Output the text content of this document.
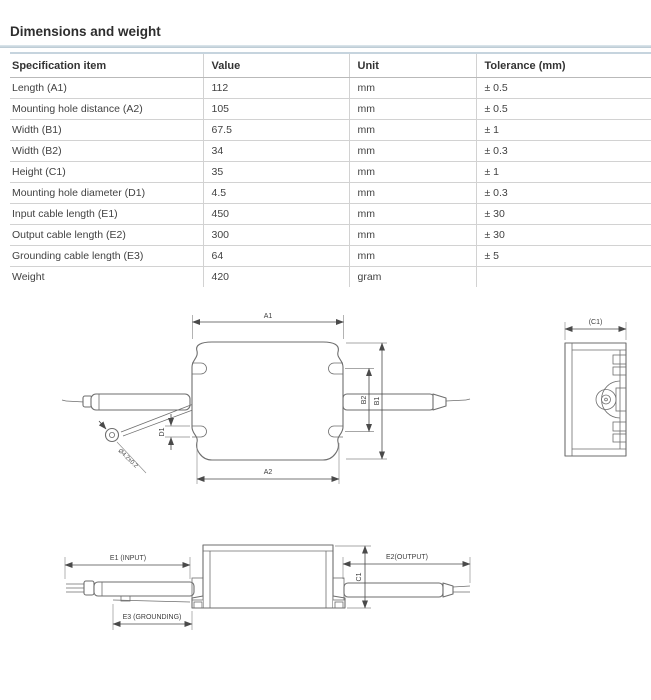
Dimensions and weight
Specification item	Value	Unit	Tolerance (mm)
Length (A1)	112	mm	± 0.5
Mounting hole distance (A2)	105	mm	± 0.5
Width (B1)	67.5	mm	± 1
Width (B2)	34	mm	± 0.3
Height (C1)	35	mm	± 1
Mounting hole diameter (D1)	4.5	mm	± 0.3
Input cable length (E1)	450	mm	± 30
Output cable length (E2)	300	mm	± 30
Grounding cable length (E3)	64	mm	± 5
Weight	420	gram	
Ø4.2±0.2
A1
A2
B2 B1
D1
(C1)
E1 (INPUT)	E2(OUTPUT)
C1
E3 (GROUNDING)
